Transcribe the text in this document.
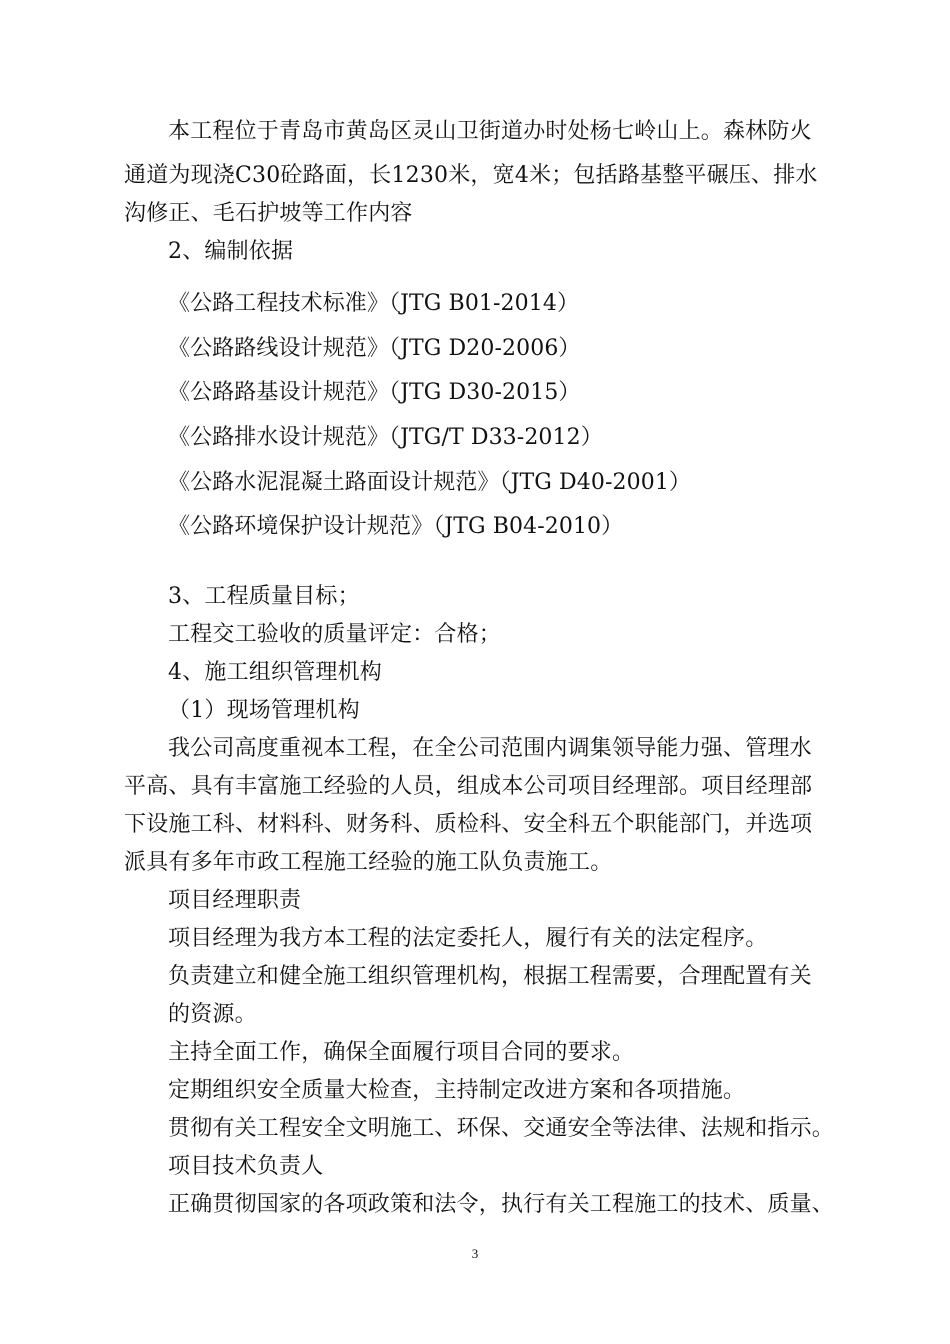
本工程位于青岛市黄岛区灵山卫街道办时处杨七岭山上。森林防火
通道为现浇C30砼路面，长1230米，宽4米；包括路基整平碾压、排水
沟修正、毛石护坡等工作内容
2、编制依据
《公路工程技术标准》（JTG B01-2014）
《公路路线设计规范》（JTG D20-2006）
《公路路基设计规范》（JTG D30-2015）
《公路排水设计规范》（JTG/T D33-2012）
《公路水泥混凝土路面设计规范》（JTG D40-2001）
《公路环境保护设计规范》（JTG B04-2010）
3、工程质量目标；
工程交工验收的质量评定：合格；
4、施工组织管理机构
（1）现场管理机构
我公司高度重视本工程，在全公司范围内调集领导能力强、管理水
平高、具有丰富施工经验的人员，组成本公司项目经理部。项目经理部
下设施工科、材料科、财务科、质检科、安全科五个职能部门，并选项
派具有多年市政工程施工经验的施工队负责施工。
项目经理职责
项目经理为我方本工程的法定委托人，履行有关的法定程序。
负责建立和健全施工组织管理机构，根据工程需要，合理配置有关
的资源。
主持全面工作，确保全面履行项目合同的要求。
定期组织安全质量大检查，主持制定改进方案和各项措施。
贯彻有关工程安全文明施工、环保、交通安全等法律、法规和指示。
项目技术负责人
正确贯彻国家的各项政策和法令，执行有关工程施工的技术、质量、
3
